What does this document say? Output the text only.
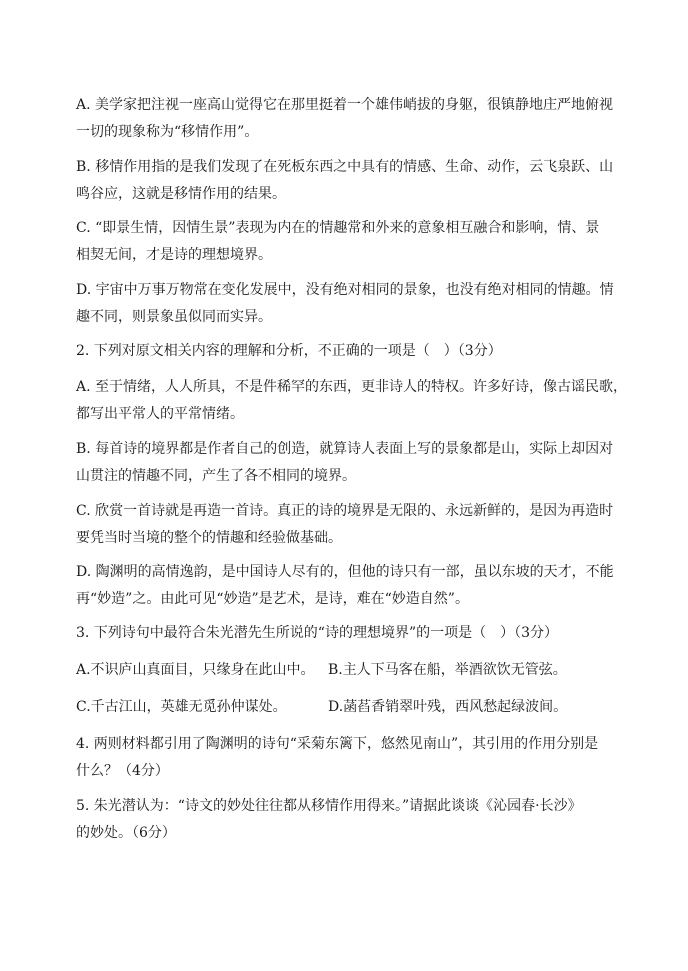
A. 美学家把注视一座高山觉得它在那里挺着一个雄伟峭拔的身躯，很镇静地庄严地俯视
一切的现象称为“移情作用”。

B. 移情作用指的是我们发现了在死板东西之中具有的情感、生命、动作，云飞泉跃、山
鸣谷应，这就是移情作用的结果。

C. “即景生情，因情生景”表现为内在的情趣常和外来的意象相互融合和影响，情、景
相契无间，才是诗的理想境界。

D. 宇宙中万事万物常在变化发展中，没有绝对相同的景象，也没有绝对相同的情趣。情
趣不同，则景象虽似同而实异。

2. 下列对原文相关内容的理解和分析，不正确的一项是（　）（3分）

A. 至于情绪，人人所具，不是件稀罕的东西，更非诗人的特权。许多好诗，像古谣民歌，
都写出平常人的平常情绪。

B. 每首诗的境界都是作者自己的创造，就算诗人表面上写的景象都是山，实际上却因对
山贯注的情趣不同，产生了各不相同的境界。

C. 欣赏一首诗就是再造一首诗。真正的诗的境界是无限的、永远新鲜的，是因为再造时
要凭当时当境的整个的情趣和经验做基础。

D. 陶渊明的高情逸韵，是中国诗人尽有的，但他的诗只有一部，虽以东坡的天才，不能
再“妙造”之。由此可见“妙造”是艺术，是诗，难在“妙造自然”。

3. 下列诗句中最符合朱光潜先生所说的“诗的理想境界”的一项是（　）（3分）

A.不识庐山真面目，只缘身在此山中。 B.主人下马客在船，举酒欲饮无管弦。
C.千古江山，英雄无觅孙仲谋处。	D.菡萏香销翠叶残，西风愁起绿波间。

4. 两则材料都引用了陶渊明的诗句“采菊东篱下，悠然见南山”，其引用的作用分别是
什么？（4分）

5. 朱光潜认为：“诗文的妙处往往都从移情作用得来。”请据此谈谈《沁园春·长沙》
的妙处。（6分）
